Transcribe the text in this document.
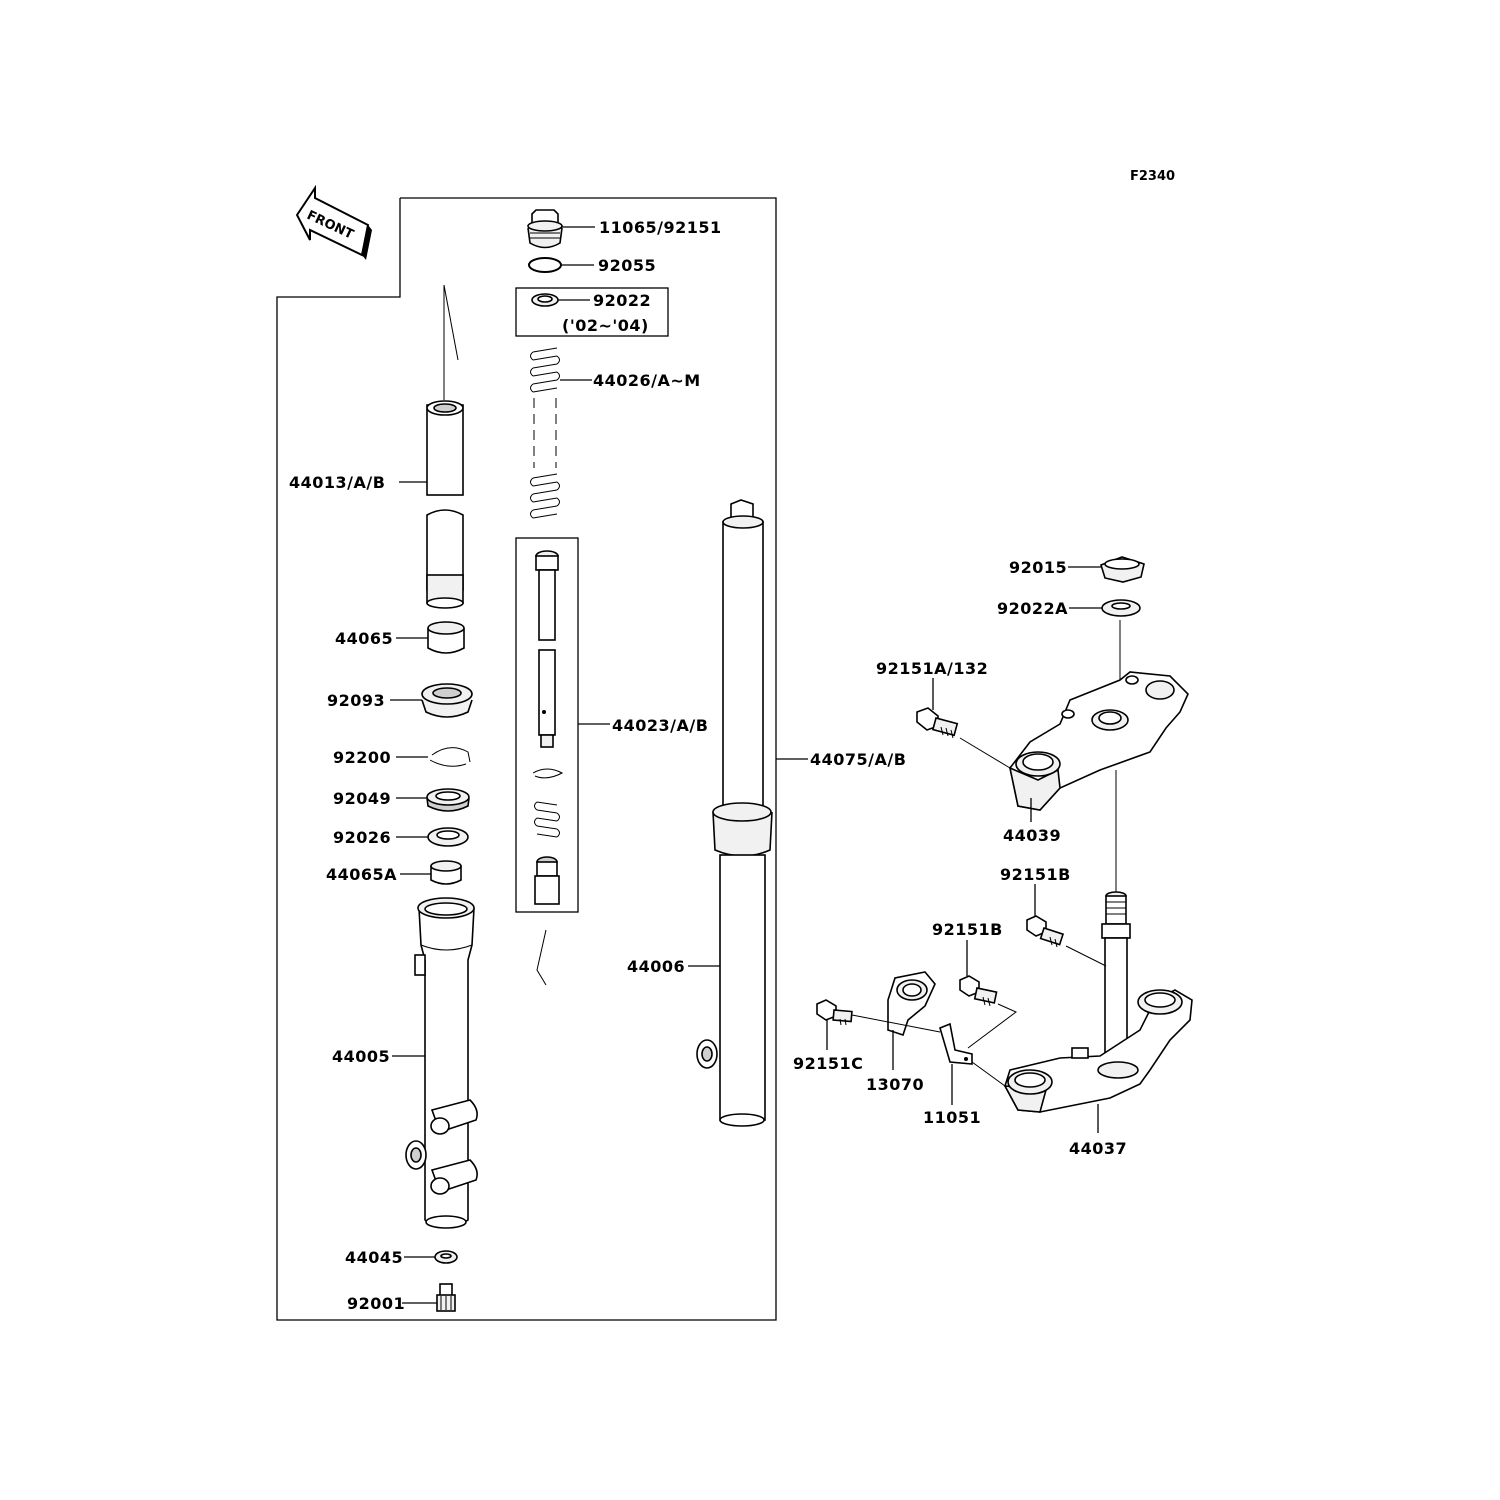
F2340
FRONT
44013/A/B
44065
92093
92200
92049
92026
44065A
44005
44045
92001
11065/92151
92055
92022
('02~'04)
44026/A~M
44023/A/B
44075/A/B
44006
92015
92022A
44039
92151A/132
44037
92151B
92151B
13070
11051
92151C
